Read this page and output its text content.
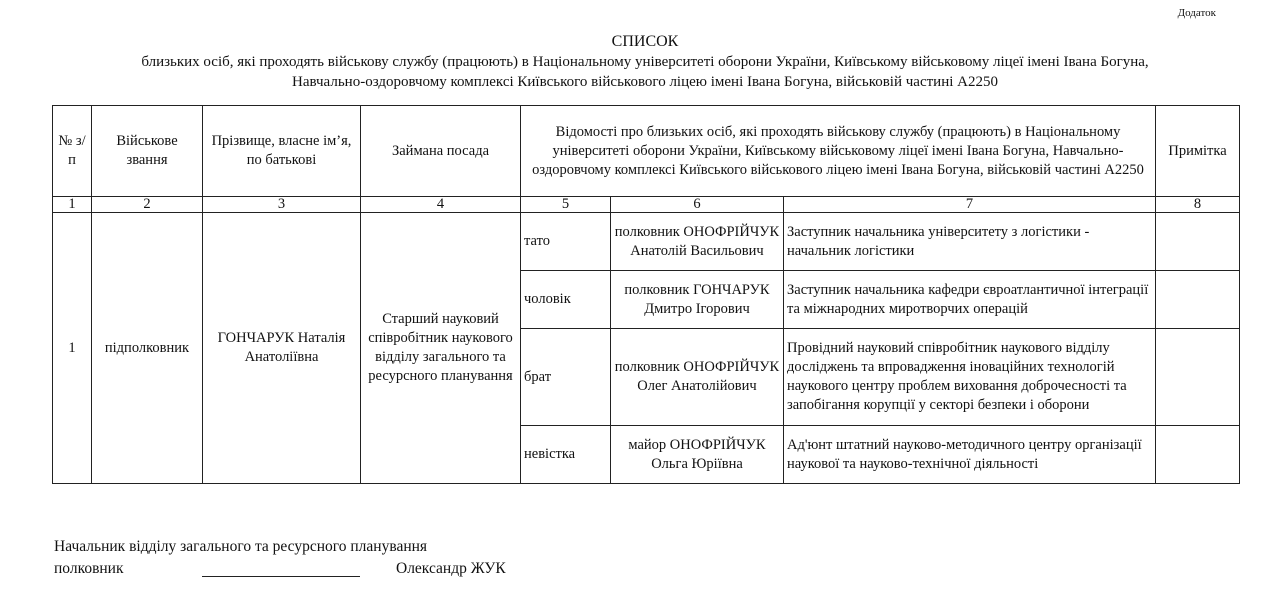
Додаток
СПИСОК
близьких осіб, які проходять військову службу (працюють) в Національному університеті оборони України, Київському військовому ліцеї імені Івана Богуна,
Навчально-оздоровчому комплексі Київського військового ліцею імені Івана Богуна, військовій частині А2250
№ з/п	Військове звання	Прізвище, власне ім’я, по батькові	Займана посада	Відомості про близьких осіб, які проходять військову службу (працюють) в Національному університеті оборони України, Київському військовому ліцеї імені Івана Богуна, Навчально-оздоровчому комплексі Київського військового ліцею імені Івана Богуна, військовій частині А2250			Примітка
1	2	3	4	5	6	7	8
1	підполковник	ГОНЧАРУК Наталія Анатоліївна	Старший науковий співробітник наукового відділу загального та ресурсного планування	тато	полковник ОНОФРІЙЧУК Анатолій Васильович	Заступник начальника університету з логістики - начальник логістики	
				чоловік	полковник ГОНЧАРУК Дмитро Ігорович	Заступник начальника кафедри євроатлантичної інтеграції та міжнародних миротворчих операцій	
				брат	полковник ОНОФРІЙЧУК Олег Анатолійович	Провідний науковий співробітник наукового відділу досліджень та впровадження іноваційних технологій наукового центру проблем виховання доброчесності та запобігання корупції у секторі безпеки і оборони	
				невістка	майор ОНОФРІЙЧУК Ольга Юріївна	Ад'юнт штатний науково-методичного центру організації наукової та науково-технічної діяльності	
Начальник відділу загального та ресурсного планування
полковник	Олександр ЖУК
